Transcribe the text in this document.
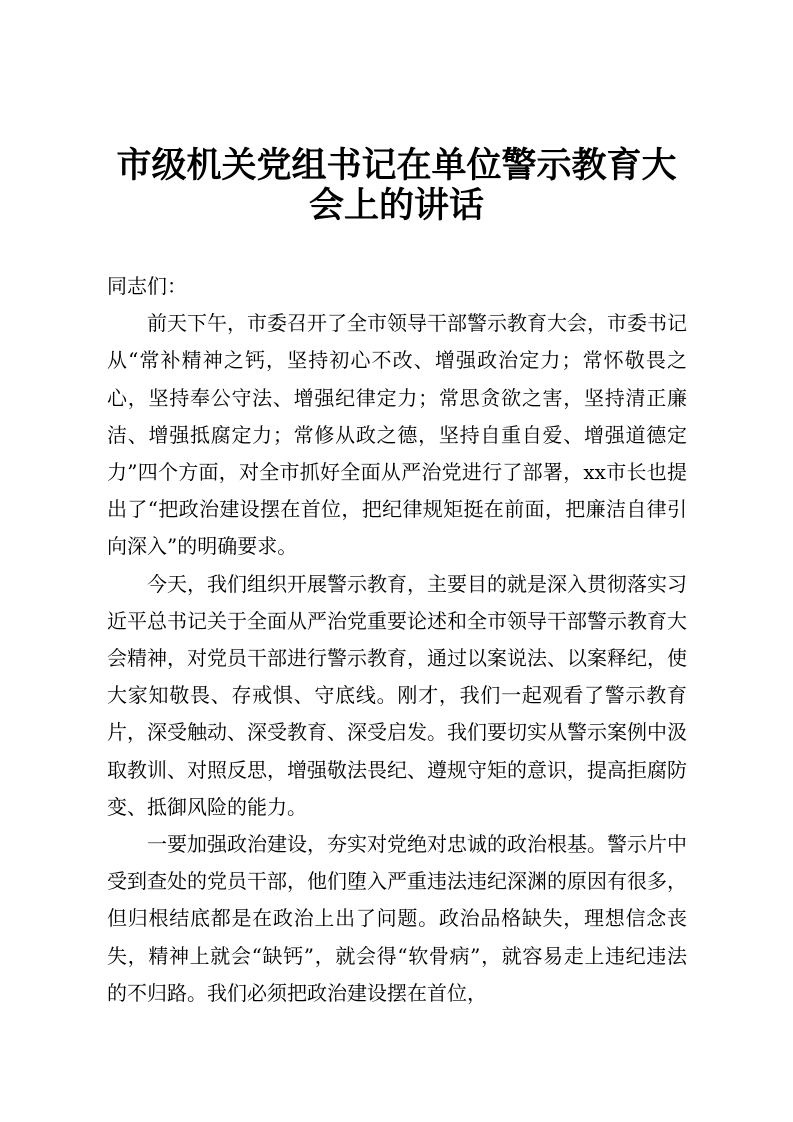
市级机关党组书记在单位警示教育大会上的讲话

同志们：

前天下午，市委召开了全市领导干部警示教育大会，市委书记从“常补精神之钙，坚持初心不改、增强政治定力；常怀敬畏之心，坚持奉公守法、增强纪律定力；常思贪欲之害，坚持清正廉洁、增强抵腐定力；常修从政之德，坚持自重自爱、增强道德定力”四个方面，对全市抓好全面从严治党进行了部署，xx市长也提出了“把政治建设摆在首位，把纪律规矩挺在前面，把廉洁自律引向深入”的明确要求。

今天，我们组织开展警示教育，主要目的就是深入贯彻落实习近平总书记关于全面从严治党重要论述和全市领导干部警示教育大会精神，对党员干部进行警示教育，通过以案说法、以案释纪，使大家知敬畏、存戒惧、守底线。刚才，我们一起观看了警示教育片，深受触动、深受教育、深受启发。我们要切实从警示案例中汲取教训、对照反思，增强敬法畏纪、遵规守矩的意识，提高拒腐防变、抵御风险的能力。

一要加强政治建设，夯实对党绝对忠诚的政治根基。警示片中受到查处的党员干部，他们堕入严重违法违纪深渊的原因有很多，但归根结底都是在政治上出了问题。政治品格缺失，理想信念丧失，精神上就会“缺钙”，就会得“软骨病”，就容易走上违纪违法的不归路。我们必须把政治建设摆在首位，
